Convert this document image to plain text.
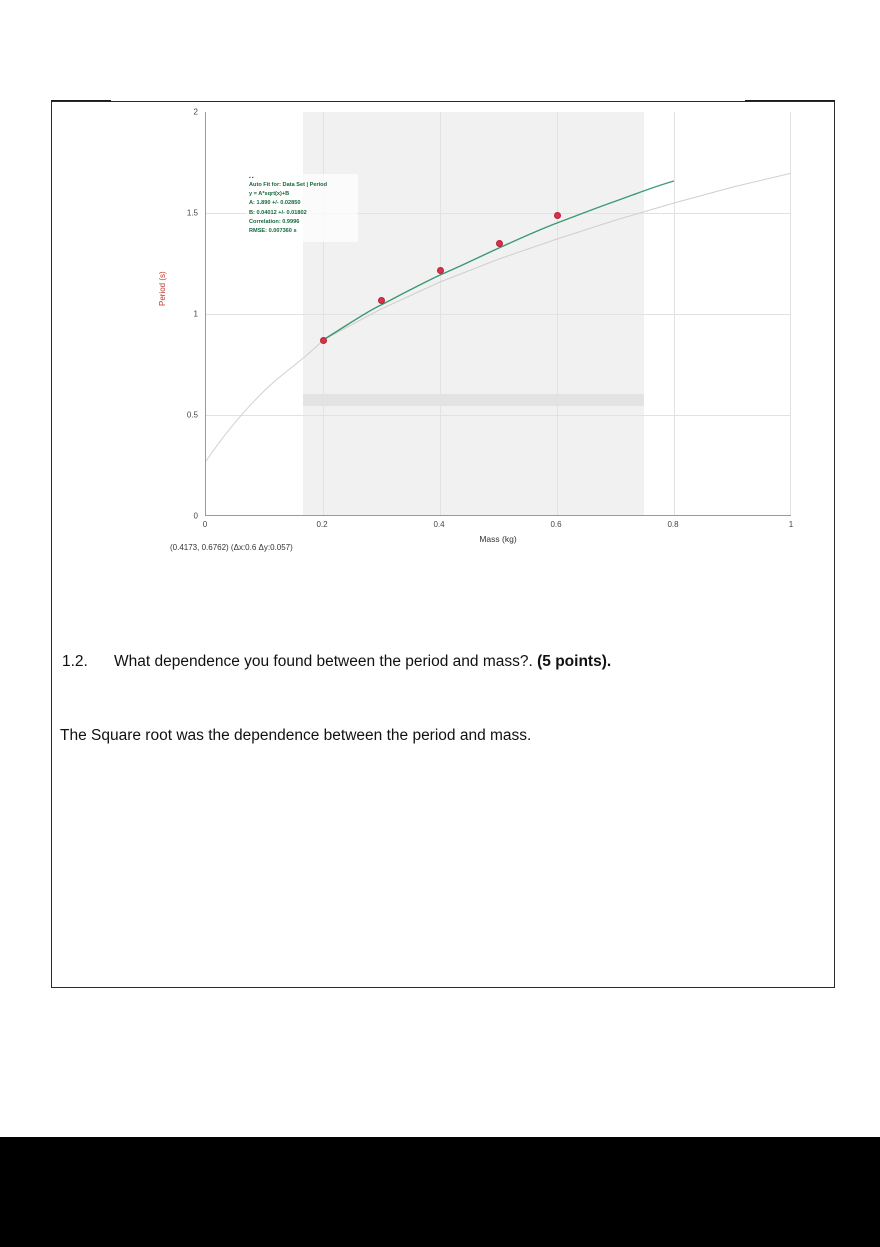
Period (s)
2
1.5
1
0.5
0
▪▪
Auto Fit for: Data Set | Period
y = A*sqrt(x)+B
A: 1.890 +/- 0.02850
B: 0.04012 +/- 0.01802
Correlation: 0.9996
RMSE: 0.007360 s
0	0.2	0.4	0.6	0.8	1
Mass (kg)
(0.4173, 0.6762) (Δx:0.6 Δy:0.057)
1.2. What dependence you found between the period and mass?. (5 points).
The Square root was the dependence between the period and mass.
